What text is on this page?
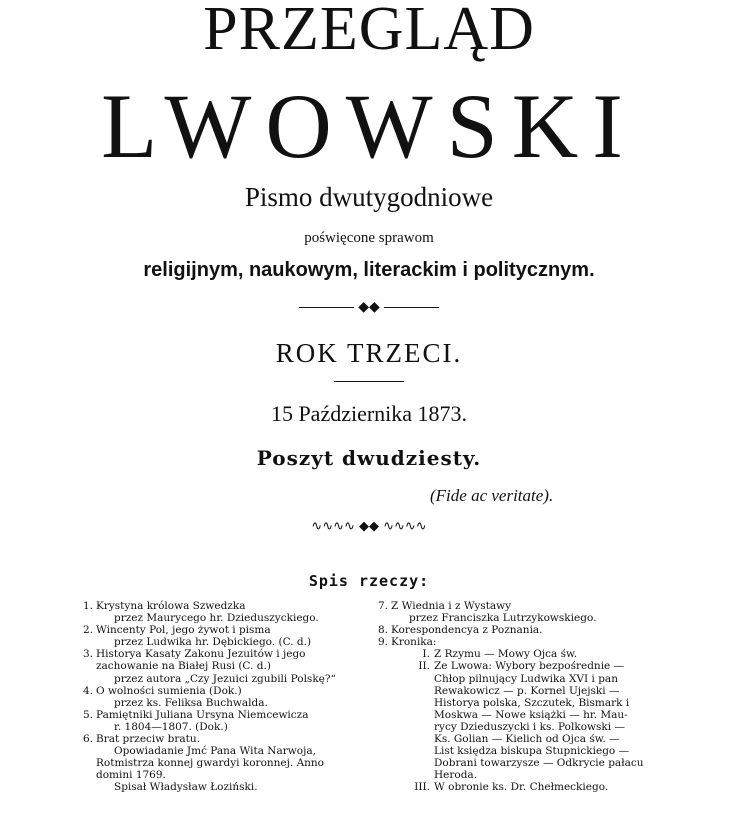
PRZEGLĄD
LWOWSKI
Pismo dwutygodniowe
poświęcone sprawom
religijnym, naukowym, literackim i politycznym.
◆◆
ROK TRZECI.
15 Października 1873.
Poszyt dwudziesty.
(Fide ac veritate).
∿∿∿∿ ◆◆ ∿∿∿∿
Spis rzeczy:
1. Krystyna królowa Szwedzka
przez Maurycego hr. Dzieduszyckiego.
2. Wincenty Pol, jego żywot i pisma
przez Ludwika hr. Dębickiego. (C. d.)
3. Historya Kasaty Zakonu Jezuitów i jego
zachowanie na Białej Rusi (C. d.)
przez autora „Czy Jezuici zgubili Polskę?“
4. O wolności sumienia (Dok.)
przez ks. Feliksa Buchwalda.
5. Pamiętniki Juliana Ursyna Niemcewicza
r. 1804—1807. (Dok.)
6. Brat przeciw bratu.
Opowiadanie Jmć Pana Wita Narwoja,
Rotmistrza konnej gwardyi koronnej. Anno
domini 1769.
Spisał Władysław Łoziński.
7. Z Wiednia i z Wystawy
przez Franciszka Lutrzykowskiego.
8. Korespondencya z Poznania.
9. Kronika:
I. Z Rzymu — Mowy Ojca św.
II. Ze Lwowa: Wybory bezpośrednie —
Chłop pilnujący Ludwika XVI i pan
Rewakowicz — p. Kornel Ujejski —
Historya polska, Szczutek, Bismark i
Moskwa — Nowe książki — hr. Mau-
rycy Dzieduszycki i ks. Polkowski —
Ks. Golian — Kielich od Ojca św. —
List księdza biskupa Stupnickiego —
Dobrani towarzysze — Odkrycie pałacu
Heroda.
III. W obronie ks. Dr. Chełmeckiego.
